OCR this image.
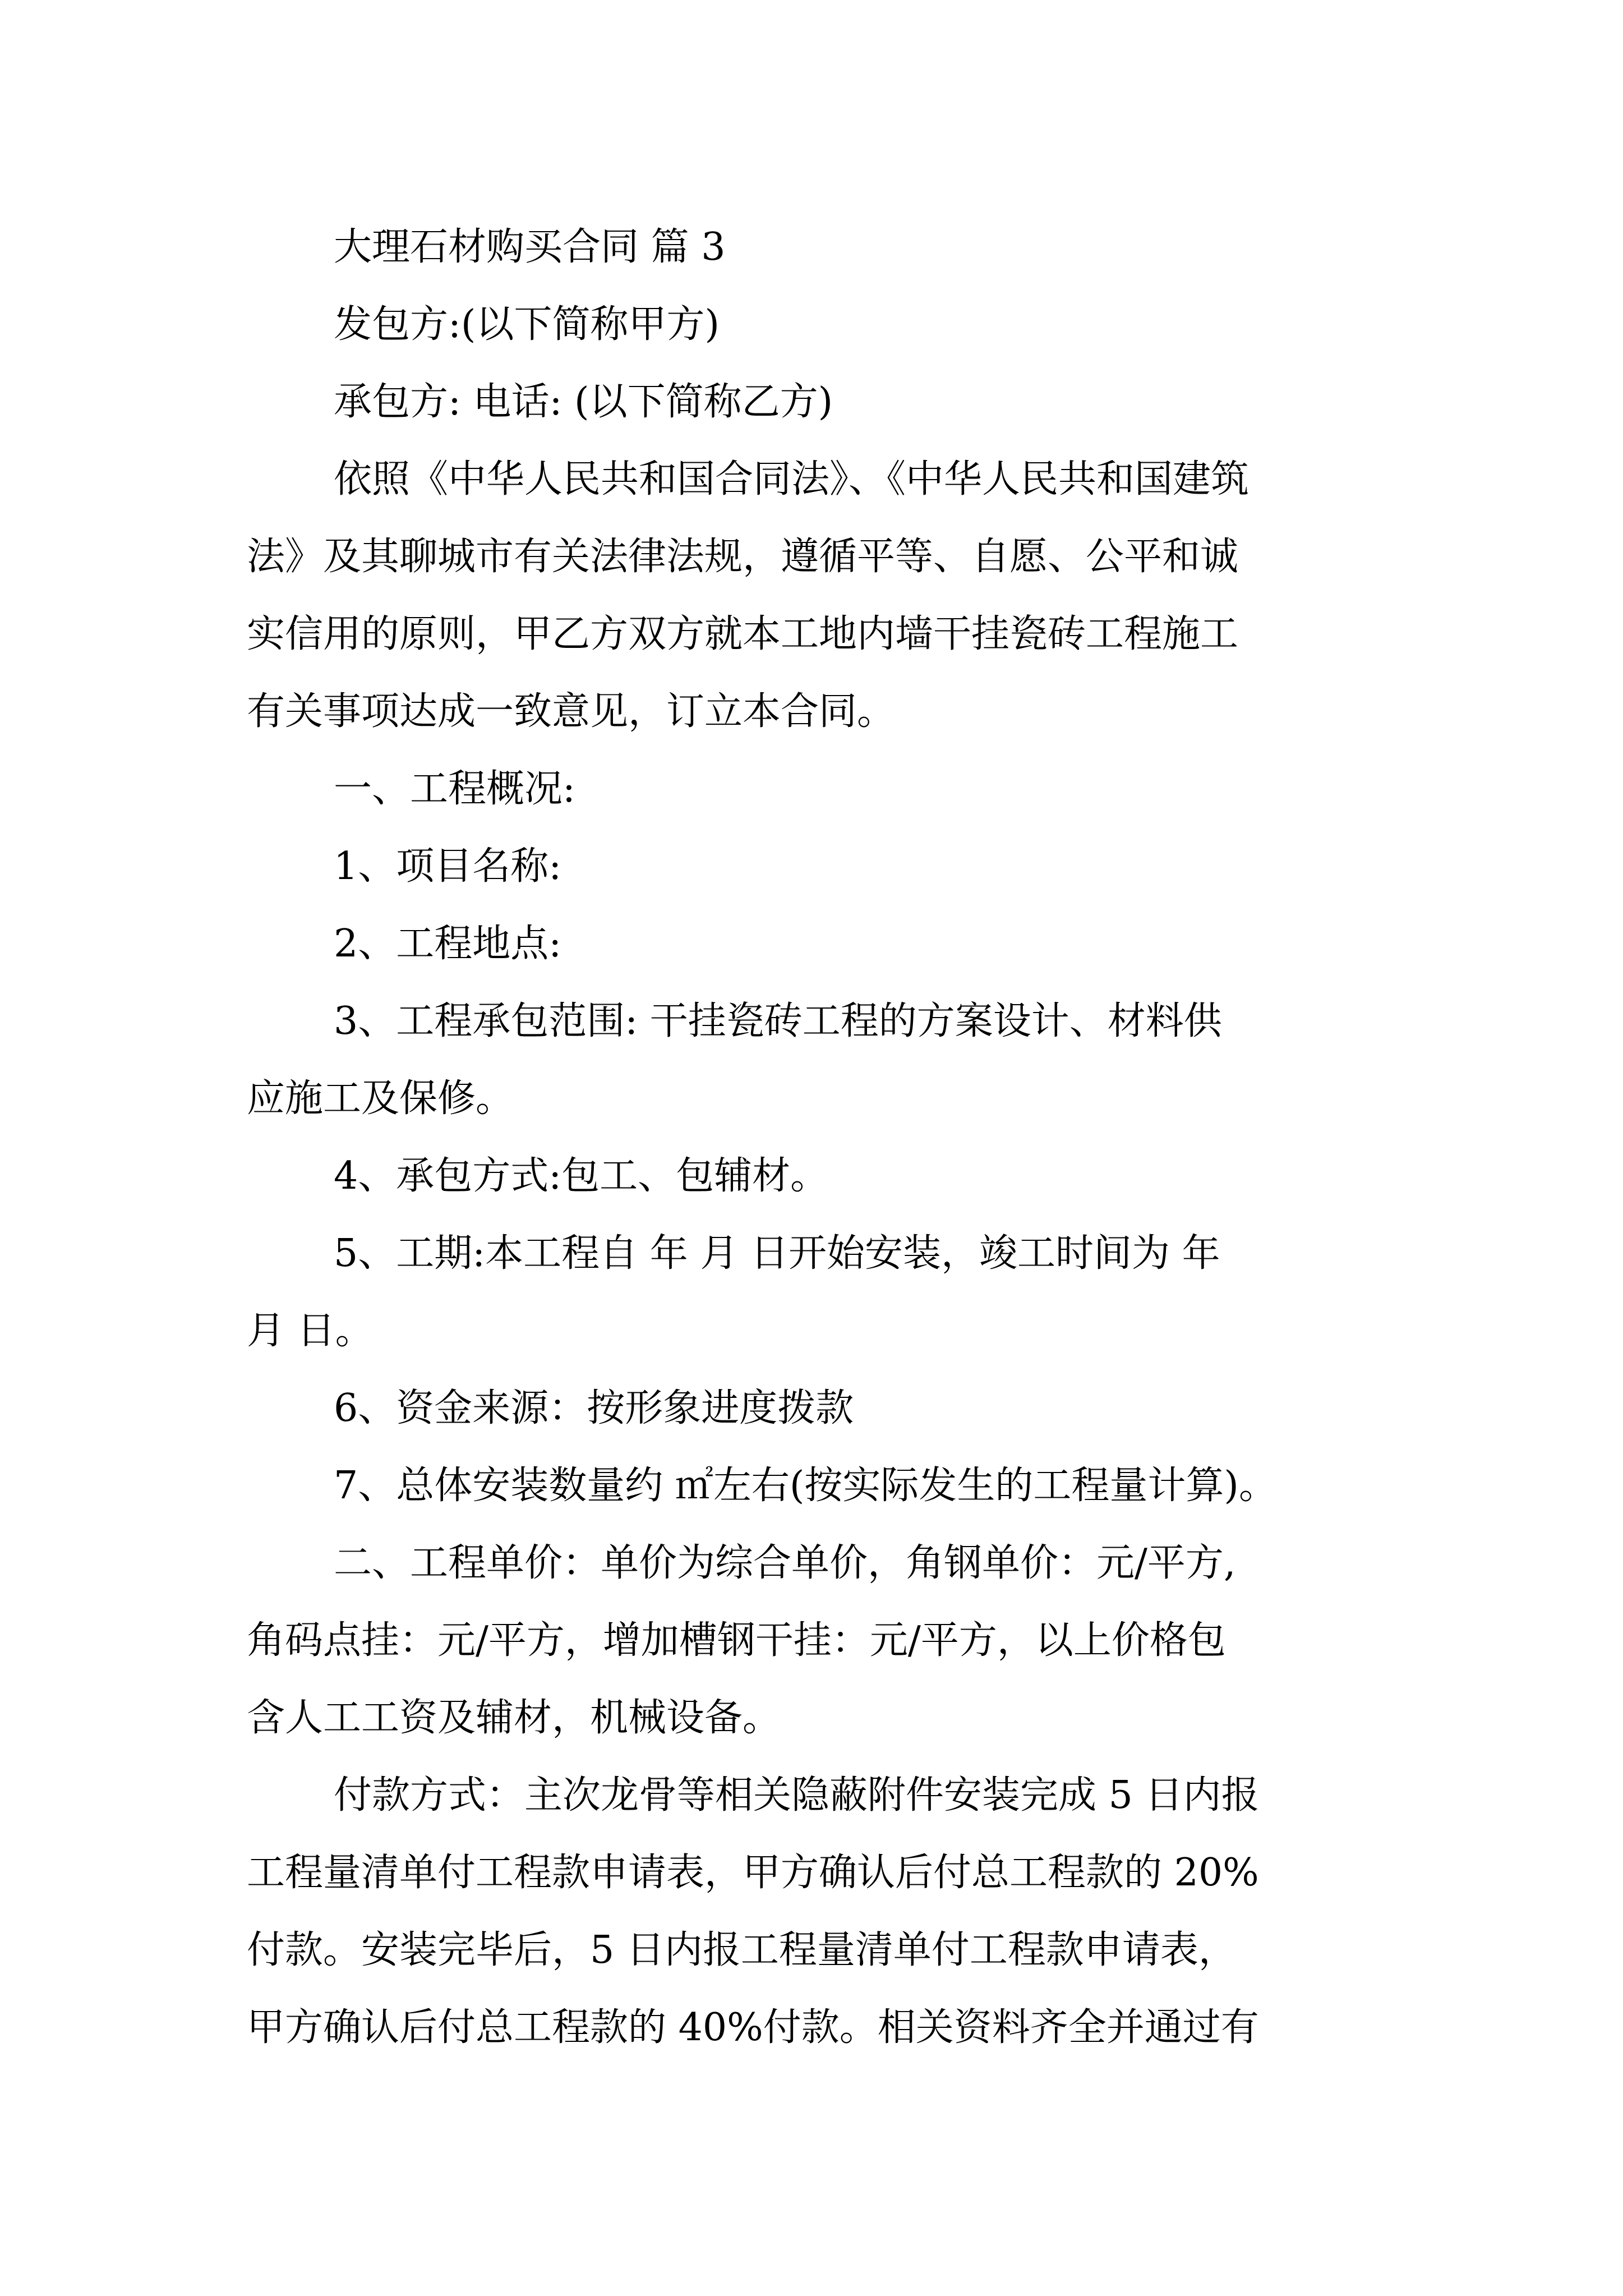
大理石材购买合同 篇 3
发包方:(以下简称甲方)
承包方: 电话: (以下简称乙方)
依照《中华人民共和国合同法》、《中华人民共和国建筑
法》及其聊城市有关法律法规，遵循平等、自愿、公平和诚
实信用的原则，甲乙方双方就本工地内墙干挂瓷砖工程施工
有关事项达成一致意见，订立本合同。
一、工程概况:
1、项目名称:
2、工程地点:
3、工程承包范围: 干挂瓷砖工程的方案设计、材料供
应施工及保修。
4、承包方式:包工、包辅材。
5、工期:本工程自 年 月 日开始安装，竣工时间为 年
月 日。
6、资金来源：按形象进度拨款
7、总体安装数量约 ㎡左右(按实际发生的工程量计算)。
二、工程单价：单价为综合单价，角钢单价：元/平方,
角码点挂：元/平方，增加槽钢干挂：元/平方，以上价格包
含人工工资及辅材，机械设备。
付款方式：主次龙骨等相关隐蔽附件安装完成 5 日内报
工程量清单付工程款申请表，甲方确认后付总工程款的 20%
付款。安装完毕后，5 日内报工程量清单付工程款申请表，
甲方确认后付总工程款的 40%付款。相关资料齐全并通过有
